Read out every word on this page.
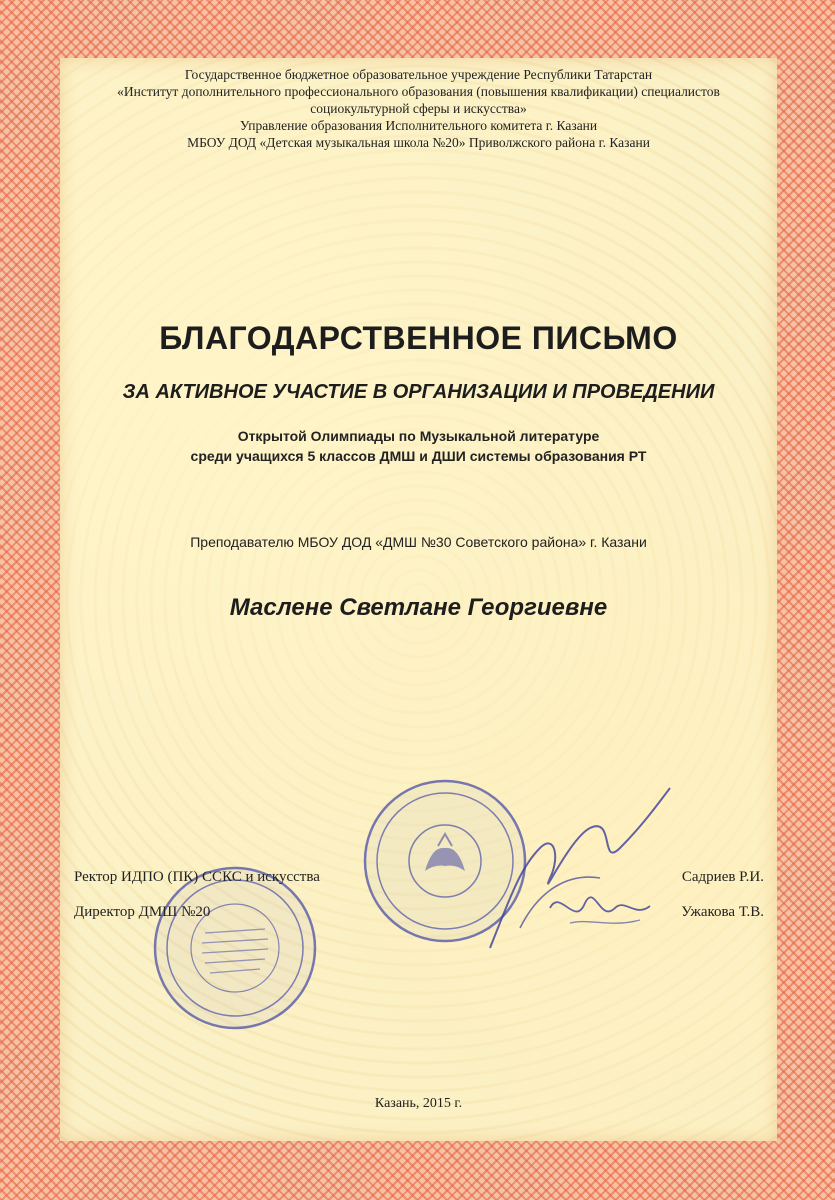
Государственное бюджетное образовательное учреждение Республики Татарстан
«Институт дополнительного профессионального образования (повышения квалификации) специалистов
социокультурной сферы и искусства»
Управление образования Исполнительного комитета г. Казани
МБОУ ДОД «Детская музыкальная школа №20» Приволжского района г. Казани
БЛАГОДАРСТВЕННОЕ ПИСЬМО
ЗА АКТИВНОЕ УЧАСТИЕ В ОРГАНИЗАЦИИ И ПРОВЕДЕНИИ
Открытой Олимпиады по Музыкальной литературе
среди учащихся 5 классов ДМШ и ДШИ системы образования РТ
Преподавателю МБОУ ДОД «ДМШ №30 Советского района» г. Казани
Маслене Светлане Георгиевне
Ректор ИДПО (ПК) ССКС и искусства	Садриев Р.И.
Директор ДМШ №20	Ужакова Т.В.
Казань, 2015 г.
